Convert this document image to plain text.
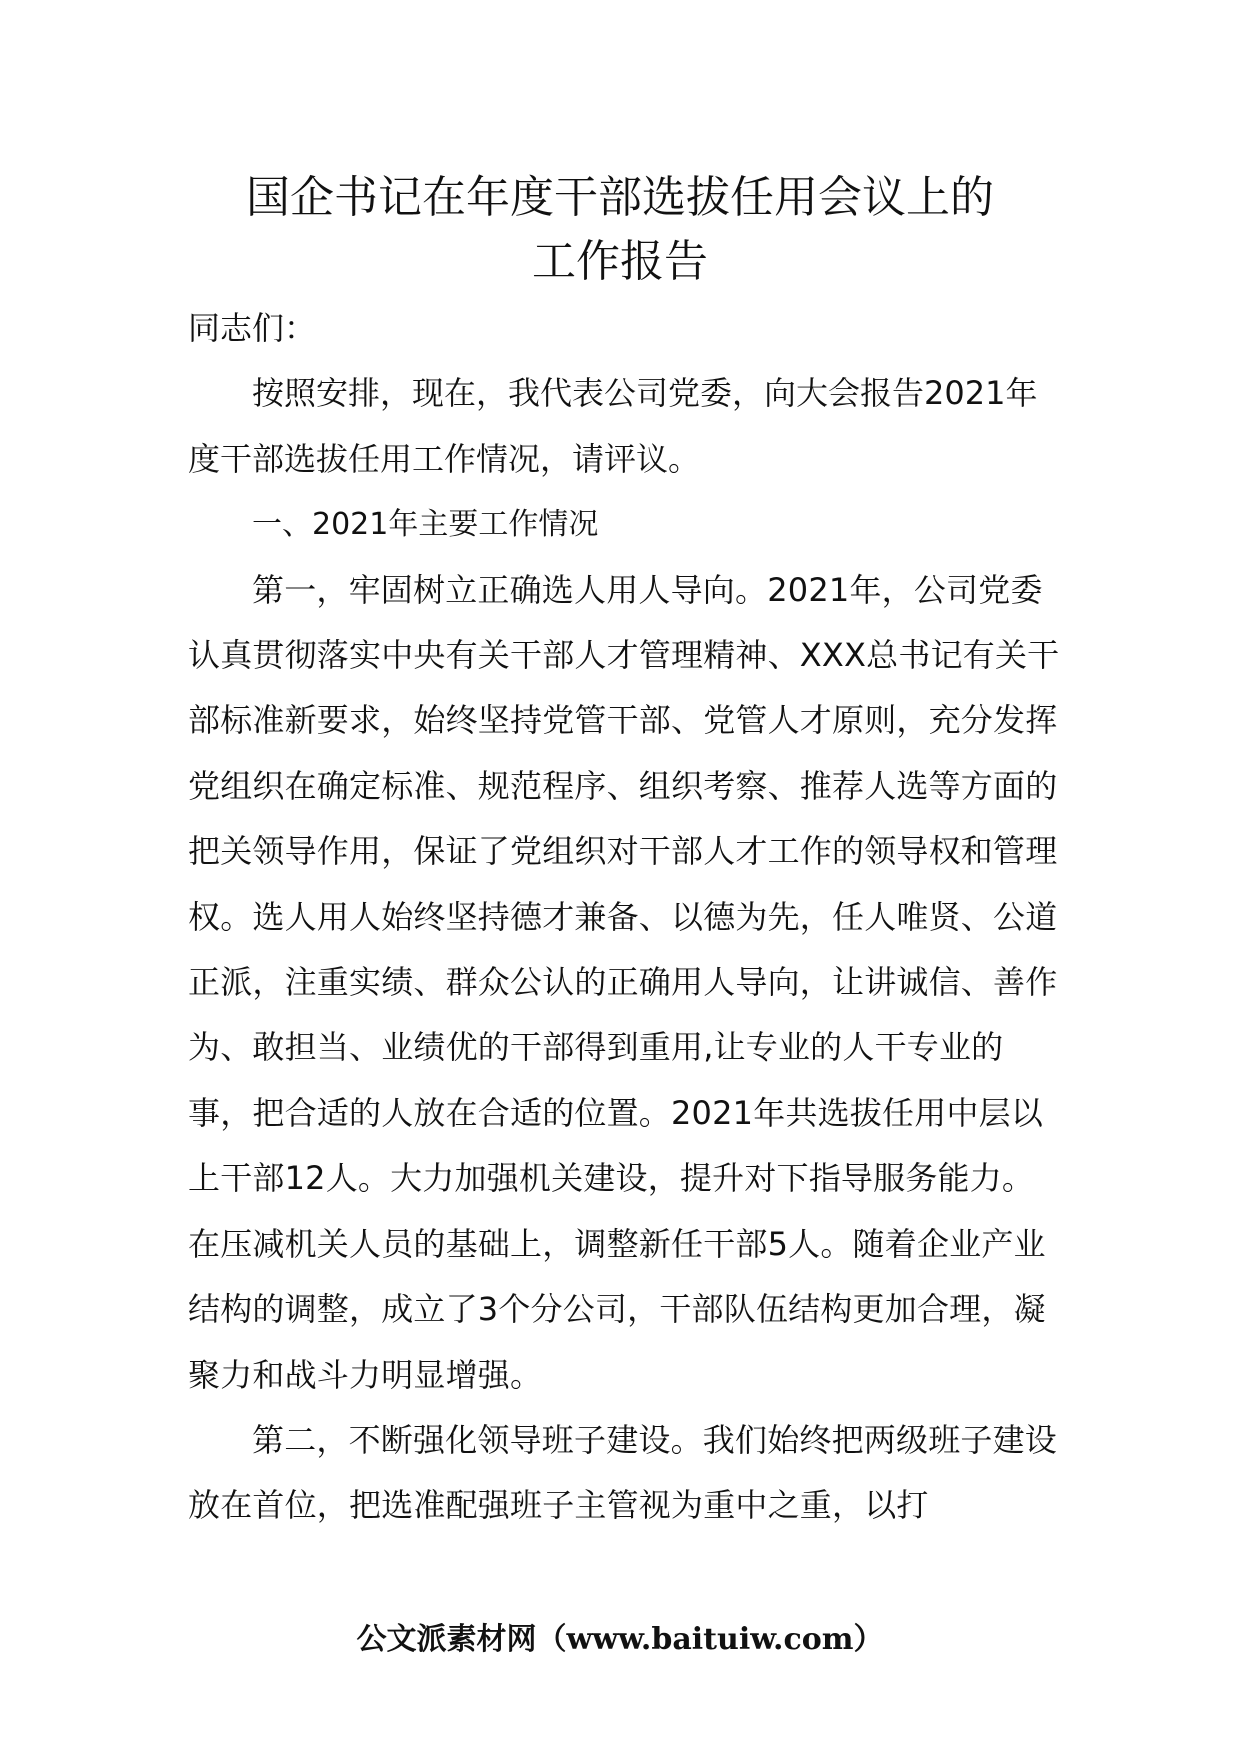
国企书记在年度干部选拔任用会议上的
工作报告

同志们：

按照安排，现在，我代表公司党委，向大会报告2021年度干部选拔任用工作情况，请评议。

一、2021年主要工作情况

第一，牢固树立正确选人用人导向。2021年，公司党委认真贯彻落实中央有关干部人才管理精神、XXX总书记有关干部标准新要求，始终坚持党管干部、党管人才原则，充分发挥党组织在确定标准、规范程序、组织考察、推荐人选等方面的把关领导作用，保证了党组织对干部人才工作的领导权和管理权。选人用人始终坚持德才兼备、以德为先，任人唯贤、公道正派，注重实绩、群众公认的正确用人导向，让讲诚信、善作为、敢担当、业绩优的干部得到重用,让专业的人干专业的事，把合适的人放在合适的位置。2021年共选拔任用中层以上干部12人。大力加强机关建设，提升对下指导服务能力。在压减机关人员的基础上，调整新任干部5人。随着企业产业结构的调整，成立了3个分公司，干部队伍结构更加合理，凝聚力和战斗力明显增强。

第二，不断强化领导班子建设。我们始终把两级班子建设放在首位，把选准配强班子主管视为重中之重，以打

公文派素材网（www.baituiw.com）
